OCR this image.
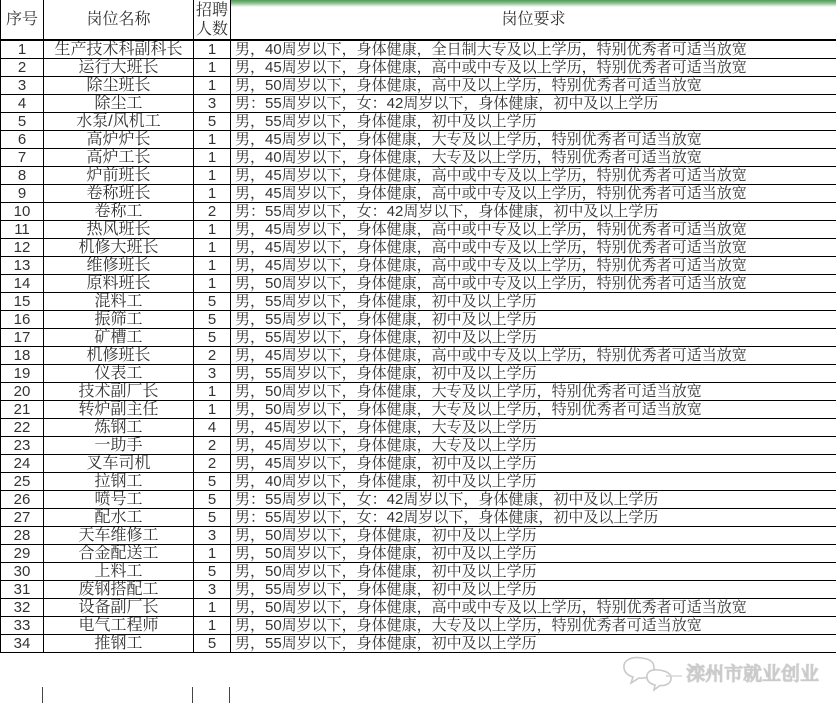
序号	岗位名称	招聘人数	岗位要求
1	生产技术科副科长	1	男，40周岁以下，身体健康，全日制大专及以上学历，特别优秀者可适当放宽
2	运行大班长	1	男，45周岁以下，身体健康，高中或中专及以上学历，特别优秀者可适当放宽
3	除尘班长	1	男，50周岁以下，身体健康，高中及以上学历，特别优秀者可适当放宽
4	除尘工	3	男：55周岁以下，女：42周岁以下，身体健康，初中及以上学历
5	水泵/风机工	5	男，55周岁以下，身体健康，初中及以上学历
6	高炉炉长	1	男，45周岁以下，身体健康，大专及以上学历，特别优秀者可适当放宽
7	高炉工长	1	男，40周岁以下，身体健康，大专及以上学历，特别优秀者可适当放宽
8	炉前班长	1	男，45周岁以下，身体健康，高中或中专及以上学历，特别优秀者可适当放宽
9	卷称班长	1	男，45周岁以下，身体健康，高中或中专及以上学历，特别优秀者可适当放宽
10	卷称工	2	男：55周岁以下，女：42周岁以下，身体健康，初中及以上学历
11	热风班长	1	男，45周岁以下，身体健康，高中或中专及以上学历，特别优秀者可适当放宽
12	机修大班长	1	男，45周岁以下，身体健康，高中或中专及以上学历，特别优秀者可适当放宽
13	维修班长	1	男，45周岁以下，身体健康，高中或中专及以上学历，特别优秀者可适当放宽
14	原料班长	1	男，50周岁以下，身体健康，高中或中专及以上学历，特别优秀者可适当放宽
15	混料工	5	男，55周岁以下，身体健康，初中及以上学历
16	振筛工	5	男，55周岁以下，身体健康，初中及以上学历
17	矿槽工	5	男，55周岁以下，身体健康，初中及以上学历
18	机修班长	2	男，45周岁以下，身体健康，高中或中专及以上学历，特别优秀者可适当放宽
19	仪表工	3	男，55周岁以下，身体健康，初中及以上学历
20	技术副厂长	1	男，50周岁以下，身体健康，大专及以上学历，特别优秀者可适当放宽
21	转炉副主任	1	男，50周岁以下，身体健康，大专及以上学历，特别优秀者可适当放宽
22	炼钢工	4	男，45周岁以下，身体健康，大专及以上学历
23	一助手	2	男，45周岁以下，身体健康，大专及以上学历
24	叉车司机	2	男，45周岁以下，身体健康，初中及以上学历
25	拉钢工	5	男，40周岁以下，身体健康，初中及以上学历
26	喷号工	5	男：55周岁以下，女：42周岁以下，身体健康，初中及以上学历
27	配水工	5	男：55周岁以下，女：42周岁以下，身体健康，初中及以上学历
28	天车维修工	3	男，50周岁以下，身体健康，初中及以上学历
29	合金配送工	1	男，50周岁以下，身体健康，初中及以上学历
30	上料工	5	男，50周岁以下，身体健康，初中及以上学历
31	废钢搭配工	3	男，55周岁以下，身体健康，初中及以上学历
32	设备副厂长	1	男，50周岁以下，身体健康，高中或中专及以上学历，特别优秀者可适当放宽
33	电气工程师	1	男，50周岁以下，身体健康，大专及以上学历，特别优秀者可适当放宽
34	推钢工	5	男，55周岁以下，身体健康，初中及以上学历
滦州市就业创业
